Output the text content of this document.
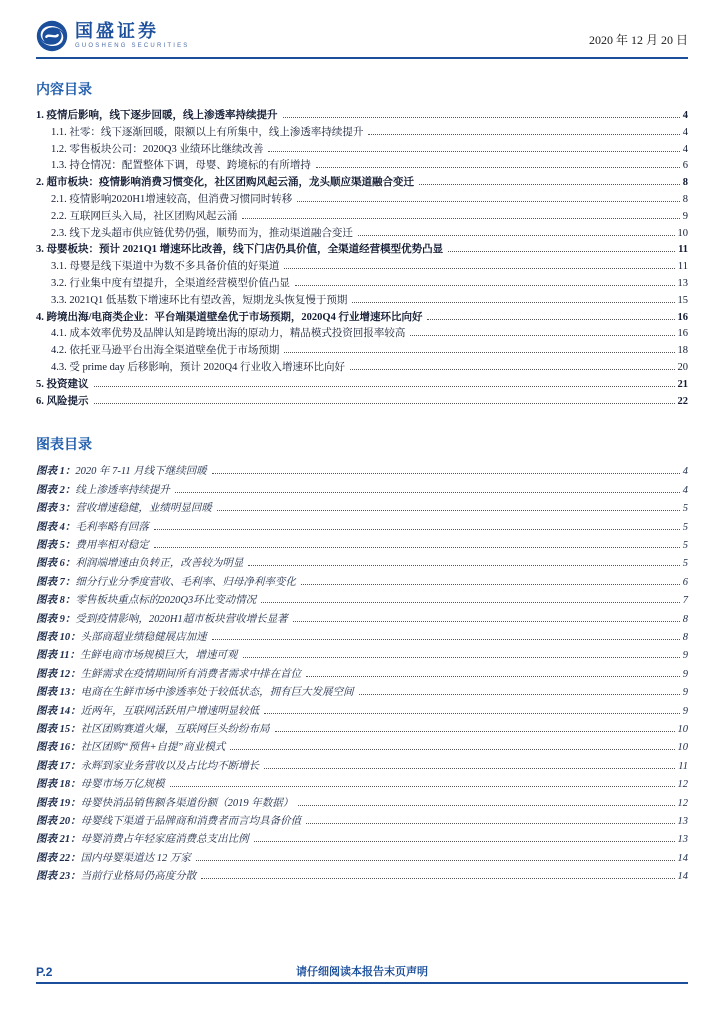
国盛证券
GUOSHENG SECURITIES	2020 年 12 月 20 日
内容目录
1. 疫情后影响，线下逐步回暖，线上渗透率持续提升	4
1.1. 社零：线下逐渐回暖，限额以上有所集中，线上渗透率持续提升	4
1.2. 零售板块公司：2020Q3 业绩环比继续改善	4
1.3. 持仓情况：配置整体下调，母婴、跨境标的有所增持	6
2. 超市板块：疫情影响消费习惯变化，社区团购风起云涌，龙头顺应渠道融合变迁	8
2.1. 疫情影响2020H1增速较高，但消费习惯同时转移	8
2.2. 互联网巨头入局，社区团购风起云涌	9
2.3. 线下龙头超市供应链优势仍强，顺势而为，推动渠道融合变迁	10
3. 母婴板块：预计 2021Q1 增速环比改善，线下门店仍具价值，全渠道经营模型优势凸显	11
3.1. 母婴是线下渠道中为数不多具备价值的好渠道	11
3.2. 行业集中度有望提升，全渠道经营模型价值凸显	13
3.3. 2021Q1 低基数下增速环比有望改善，短期龙头恢复慢于预期	15
4. 跨境出海/电商类企业：平台端渠道壁垒优于市场预期，2020Q4 行业增速环比向好	16
4.1. 成本效率优势及品牌认知是跨境出海的原动力，精品模式投资回报率较高	16
4.2. 依托亚马逊平台出海全渠道壁垒优于市场预期	18
4.3. 受 prime day 后移影响，预计 2020Q4 行业收入增速环比向好	20
5. 投资建议	21
6. 风险提示	22
图表目录
图表 1： 2020 年 7-11 月线下继续回暖	4
图表 2： 线上渗透率持续提升	4
图表 3： 营收增速稳健，业绩明显回暖	5
图表 4： 毛利率略有回落	5
图表 5： 费用率相对稳定	5
图表 6： 利润端增速由负转正，改善较为明显	5
图表 7： 细分行业分季度营收、毛利率、归母净利率变化	6
图表 8： 零售板块重点标的2020Q3环比变动情况	7
图表 9： 受到疫情影响，2020H1超市板块营收增长显著	8
图表 10： 头部商超业绩稳健展店加速	8
图表 11： 生鲜电商市场规模巨大，增速可观	9
图表 12： 生鲜需求在疫情期间所有消费者需求中排在首位	9
图表 13： 电商在生鲜市场中渗透率处于较低状态，拥有巨大发展空间	9
图表 14： 近两年，互联网活跃用户增速明显较低	9
图表 15： 社区团购赛道火爆，互联网巨头纷纷布局	10
图表 16： 社区团购“预售+自提”商业模式	10
图表 17： 永辉到家业务营收以及占比均不断增长	11
图表 18： 母婴市场万亿规模	12
图表 19： 母婴快消品销售额各渠道份额（2019 年数据）	12
图表 20： 母婴线下渠道于品牌商和消费者而言均具备价值	13
图表 21： 母婴消费占年轻家庭消费总支出比例	13
图表 22： 国内母婴渠道达 12 万家	14
图表 23： 当前行业格局仍高度分散	14
P.2	请仔细阅读本报告末页声明
